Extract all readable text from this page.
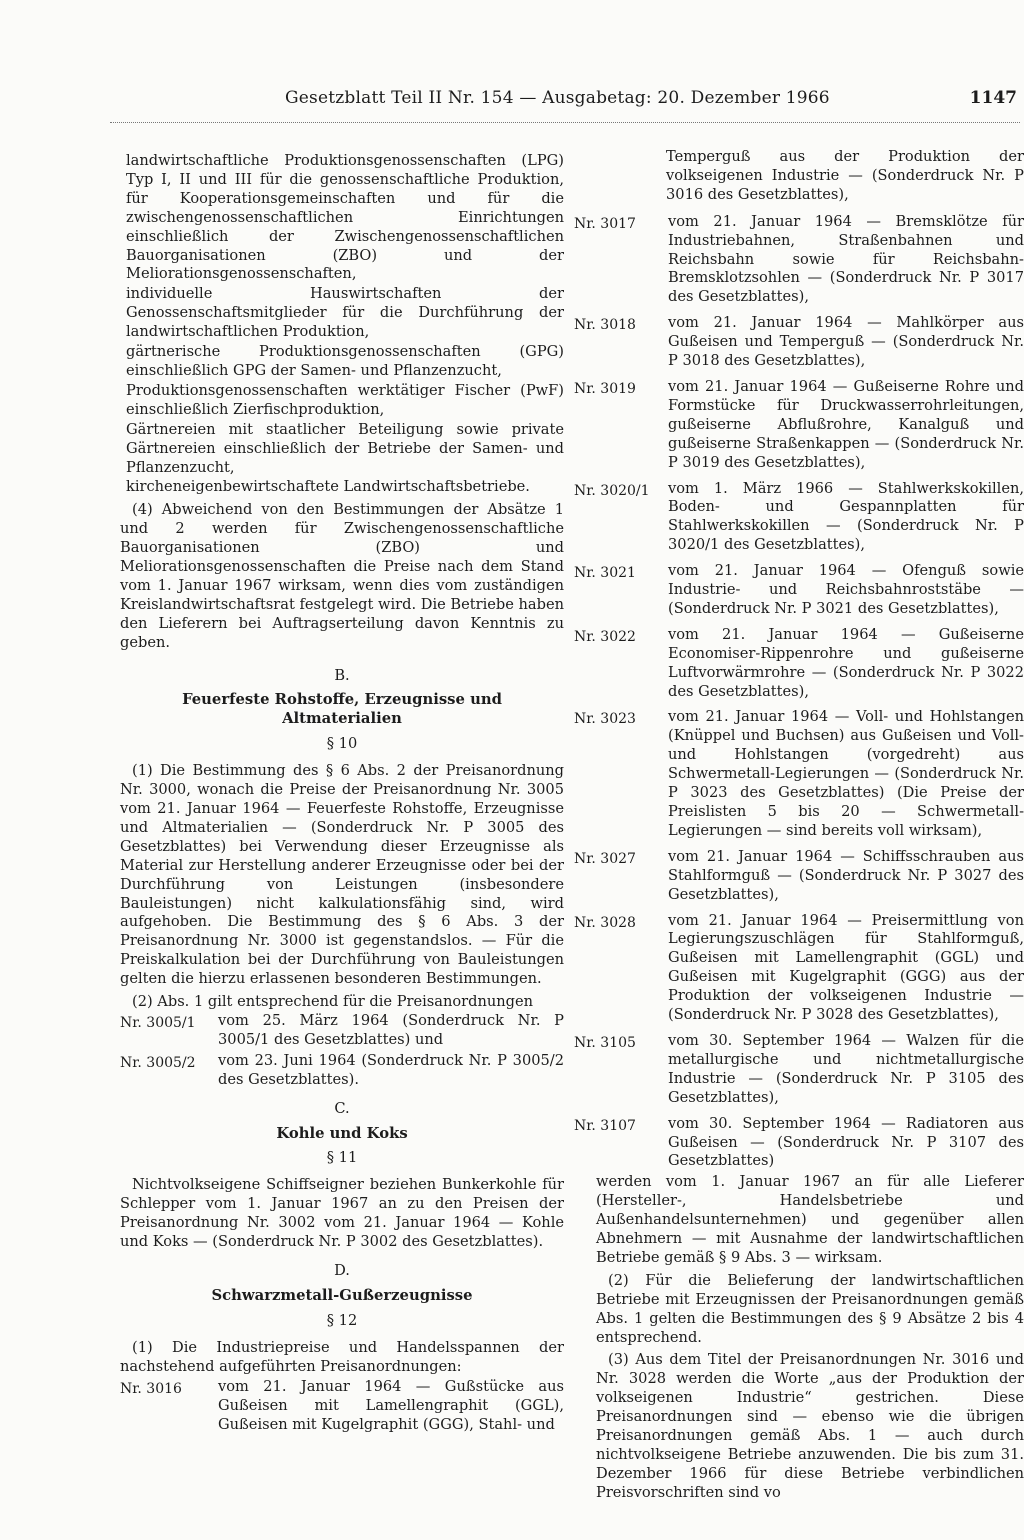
Gesetzblatt Teil II Nr. 154 — Ausgabetag: 20. Dezember 1966	1147

landwirtschaftliche Produktionsgenossenschaften (LPG) Typ I, II und III für die genossenschaftliche Produktion, für Kooperationsgemeinschaften und für die zwischengenossenschaftlichen Einrichtungen einschließlich der Zwischengenossenschaftlichen Bauorganisationen (ZBO) und der Meliorationsgenossenschaften,

individuelle Hauswirtschaften der Genossenschaftsmitglieder für die Durchführung der landwirtschaftlichen Produktion,

gärtnerische Produktionsgenossenschaften (GPG) einschließlich GPG der Samen- und Pflanzenzucht,

Produktionsgenossenschaften werktätiger Fischer (PwF) einschließlich Zierfischproduktion,

Gärtnereien mit staatlicher Beteiligung sowie private Gärtnereien einschließlich der Betriebe der Samen- und Pflanzenzucht,

kircheneigenbewirtschaftete Landwirtschaftsbetriebe.

(4) Abweichend von den Bestimmungen der Absätze 1 und 2 werden für Zwischengenossenschaftliche Bauorganisationen (ZBO) und Meliorationsgenossenschaften die Preise nach dem Stand vom 1. Januar 1967 wirksam, wenn dies vom zuständigen Kreislandwirtschaftsrat festgelegt wird. Die Betriebe haben den Lieferern bei Auftragserteilung davon Kenntnis zu geben.

B.
Feuerfeste Rohstoffe, Erzeugnisse und Altmaterialien
§ 10

(1) Die Bestimmung des § 6 Abs. 2 der Preisanordnung Nr. 3000, wonach die Preise der Preisanordnung Nr. 3005 vom 21. Januar 1964 — Feuerfeste Rohstoffe, Erzeugnisse und Altmaterialien — (Sonderdruck Nr. P 3005 des Gesetzblattes) bei Verwendung dieser Erzeugnisse als Material zur Herstellung anderer Erzeugnisse oder bei der Durchführung von Leistungen (insbesondere Bauleistungen) nicht kalkulationsfähig sind, wird aufgehoben. Die Bestimmung des § 6 Abs. 3 der Preisanordnung Nr. 3000 ist gegenstandslos. — Für die Preiskalkulation bei der Durchführung von Bauleistungen gelten die hierzu erlassenen besonderen Bestimmungen.

(2) Abs. 1 gilt entsprechend für die Preisanordnungen

Nr. 3005/1	vom 25. März 1964 (Sonderdruck Nr. P 3005/1 des Gesetzblattes) und
Nr. 3005/2	vom 23. Juni 1964 (Sonderdruck Nr. P 3005/2 des Gesetzblattes).
C.
Kohle und Koks
§ 11

Nichtvolkseigene Schiffseigner beziehen Bunkerkohle für Schlepper vom 1. Januar 1967 an zu den Preisen der Preisanordnung Nr. 3002 vom 21. Januar 1964 — Kohle und Koks — (Sonderdruck Nr. P 3002 des Gesetzblattes).

D.
Schwarzmetall-Gußerzeugnisse
§ 12

(1) Die Industriepreise und Handelsspannen der nachstehend aufgeführten Preisanordnungen:

Nr. 3016	vom 21. Januar 1964 — Gußstücke aus Gußeisen mit Lamellengraphit (GGL), Gußeisen mit Kugelgraphit (GGG), Stahl- und

Temperguß aus der Produktion der volkseigenen Industrie — (Sonderdruck Nr. P 3016 des Gesetzblattes),

Nr. 3017	vom 21. Januar 1964 — Bremsklötze für Industriebahnen, Straßenbahnen und Reichsbahn sowie für Reichsbahn-Bremsklotzsohlen — (Sonderdruck Nr. P 3017 des Gesetzblattes),
Nr. 3018	vom 21. Januar 1964 — Mahlkörper aus Gußeisen und Temperguß — (Sonderdruck Nr. P 3018 des Gesetzblattes),
Nr. 3019	vom 21. Januar 1964 — Gußeiserne Rohre und Formstücke für Druckwasserrohrleitungen, gußeiserne Abflußrohre, Kanalguß und gußeiserne Straßenkappen — (Sonderdruck Nr. P 3019 des Gesetzblattes),
Nr. 3020/1	vom 1. März 1966 — Stahlwerkskokillen, Boden- und Gespannplatten für Stahlwerkskokillen — (Sonderdruck Nr. P 3020/1 des Gesetzblattes),
Nr. 3021	vom 21. Januar 1964 — Ofenguß sowie Industrie- und Reichsbahnroststäbe — (Sonderdruck Nr. P 3021 des Gesetzblattes),
Nr. 3022	vom 21. Januar 1964 — Gußeiserne Economiser-Rippenrohre und gußeiserne Luftvorwärmrohre — (Sonderdruck Nr. P 3022 des Gesetzblattes),
Nr. 3023	vom 21. Januar 1964 — Voll- und Hohlstangen (Knüppel und Buchsen) aus Gußeisen und Voll- und Hohlstangen (vorgedreht) aus Schwermetall-Legierungen — (Sonderdruck Nr. P 3023 des Gesetzblattes) (Die Preise der Preislisten 5 bis 20 — Schwermetall-Legierungen — sind bereits voll wirksam),
Nr. 3027	vom 21. Januar 1964 — Schiffsschrauben aus Stahlformguß — (Sonderdruck Nr. P 3027 des Gesetzblattes),
Nr. 3028	vom 21. Januar 1964 — Preisermittlung von Legierungszuschlägen für Stahlformguß, Gußeisen mit Lamellengraphit (GGL) und Gußeisen mit Kugelgraphit (GGG) aus der Produktion der volkseigenen Industrie — (Sonderdruck Nr. P 3028 des Gesetzblattes),
Nr. 3105	vom 30. September 1964 — Walzen für die metallurgische und nichtmetallurgische Industrie — (Sonderdruck Nr. P 3105 des Gesetzblattes),
Nr. 3107	vom 30. September 1964 — Radiatoren aus Gußeisen — (Sonderdruck Nr. P 3107 des Gesetzblattes)

werden vom 1. Januar 1967 an für alle Lieferer (Hersteller-, Handelsbetriebe und Außenhandelsunternehmen) und gegenüber allen Abnehmern — mit Ausnahme der landwirtschaftlichen Betriebe gemäß § 9 Abs. 3 — wirksam.

(2) Für die Belieferung der landwirtschaftlichen Betriebe mit Erzeugnissen der Preisanordnungen gemäß Abs. 1 gelten die Bestimmungen des § 9 Absätze 2 bis 4 entsprechend.

(3) Aus dem Titel der Preisanordnungen Nr. 3016 und Nr. 3028 werden die Worte „aus der Produktion der volkseigenen Industrie“ gestrichen. Diese Preisanordnungen sind — ebenso wie die übrigen Preisanordnungen gemäß Abs. 1 — auch durch nichtvolkseigene Betriebe anzuwenden. Die bis zum 31. Dezember 1966 für diese Betriebe verbindlichen Preisvorschriften sind vo
